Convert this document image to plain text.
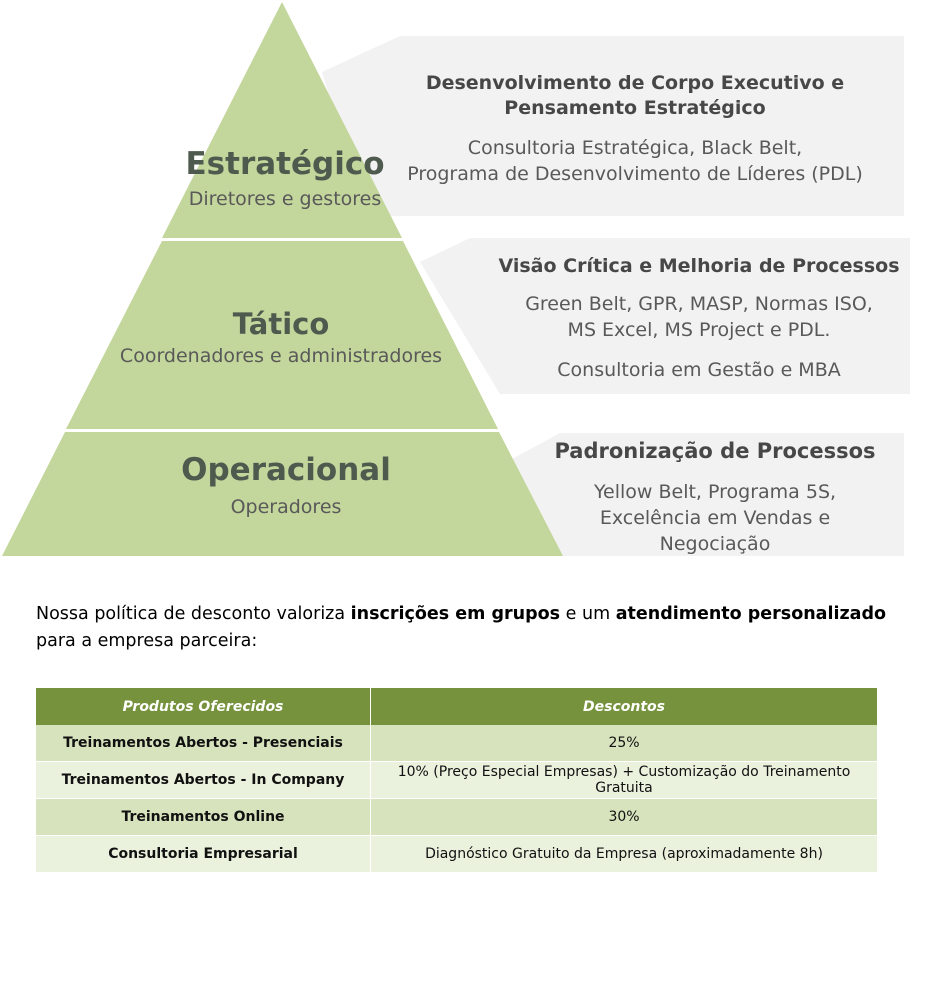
Estratégico
Diretores e gestores
Tático
Coordenadores e administradores
Operacional
Operadores
Desenvolvimento de Corpo Executivo e
Pensamento Estratégico
Consultoria Estratégica, Black Belt,
Programa de Desenvolvimento de Líderes (PDL)
Visão Crítica e Melhoria de Processos
Green Belt, GPR, MASP, Normas ISO,
MS Excel, MS Project e PDL.
Consultoria em Gestão e MBA
Padronização de Processos
Yellow Belt, Programa 5S,
Excelência em Vendas e
Negociação

Nossa política de desconto valoriza inscrições em grupos e um atendimento personalizado para a empresa parceira:

Produtos Oferecidos	Descontos
Treinamentos Abertos - Presenciais	25%
Treinamentos Abertos - In Company	10% (Preço Especial Empresas) + Customização do Treinamento Gratuita
Treinamentos Online	30%
Consultoria Empresarial	Diagnóstico Gratuito da Empresa (aproximadamente 8h)
